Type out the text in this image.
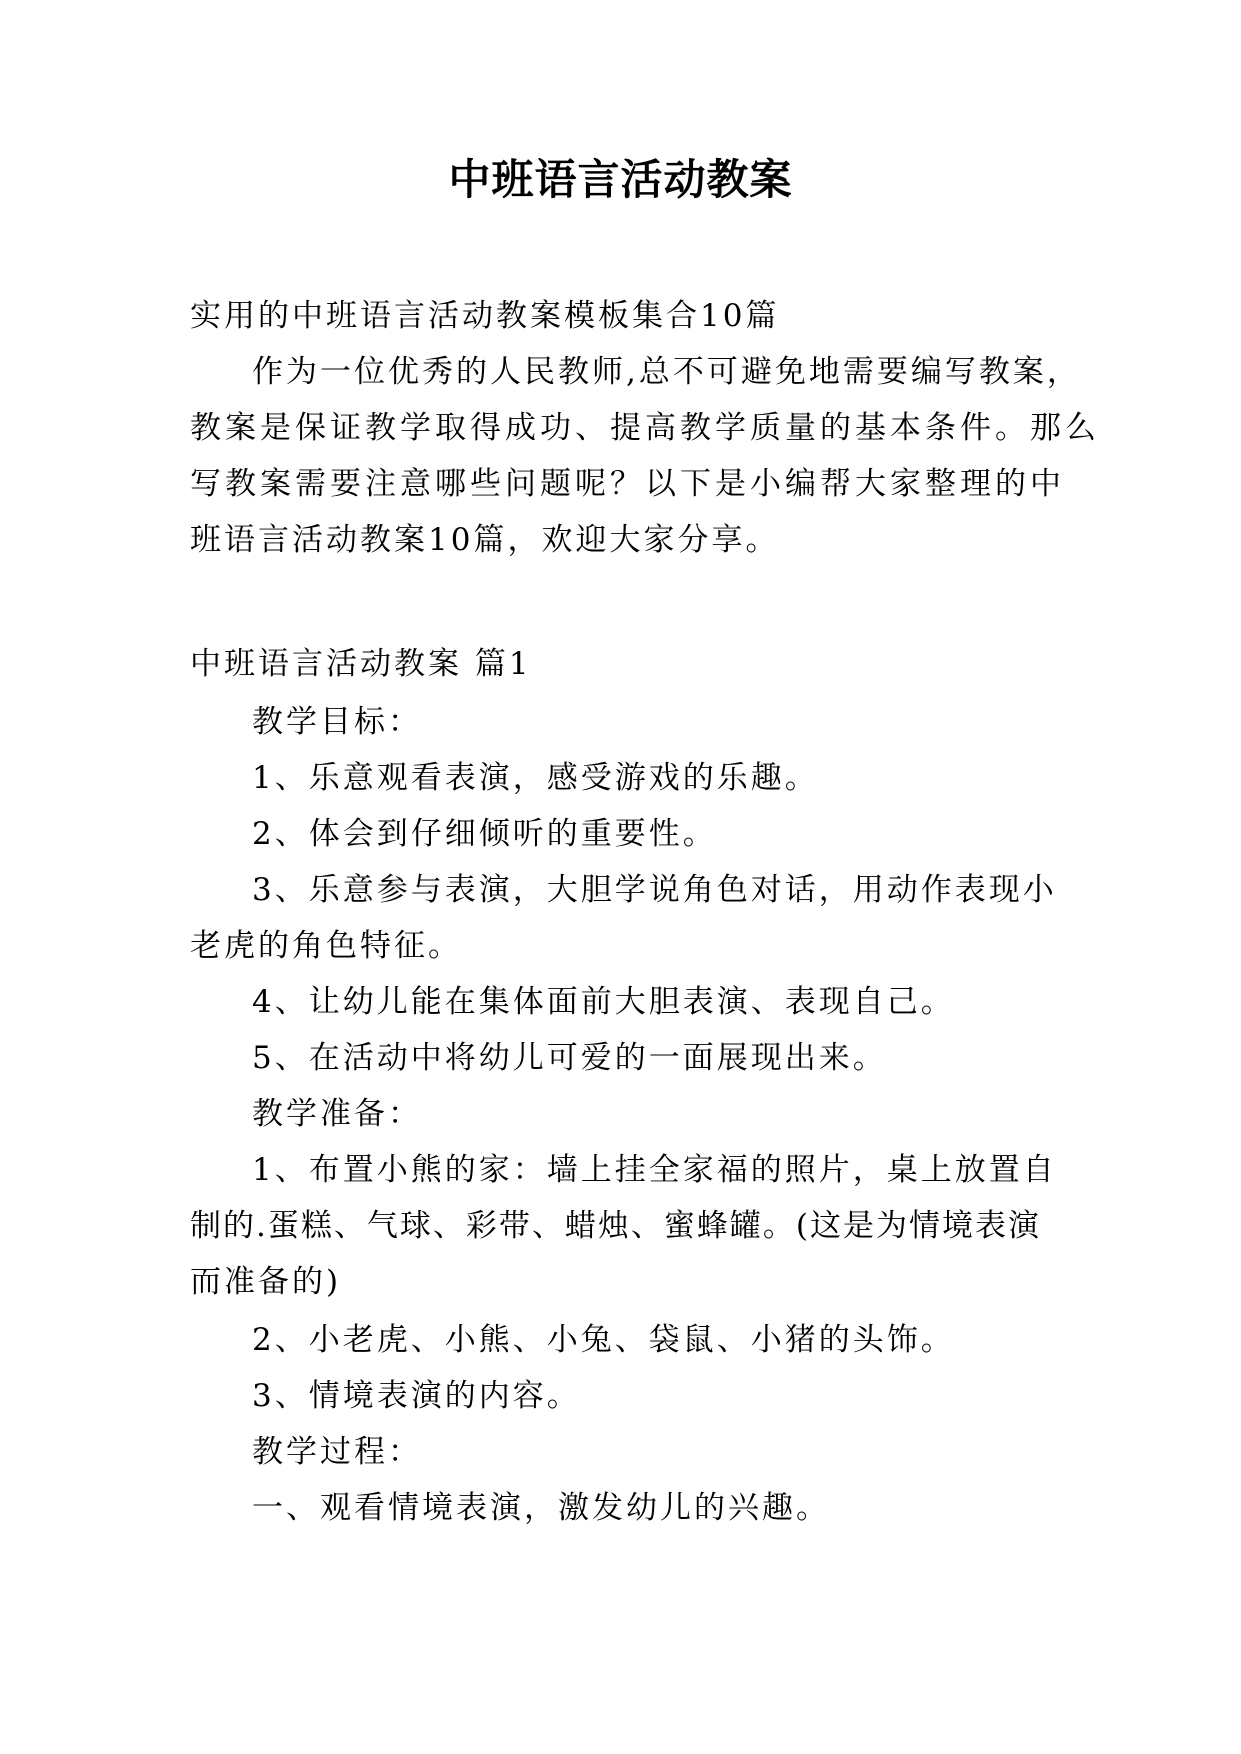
中班语言活动教案
实用的中班语言活动教案模板集合10篇
作为一位优秀的人民教师,总不可避免地需要编写教案，
教案是保证教学取得成功、提高教学质量的基本条件。那么
写教案需要注意哪些问题呢？以下是小编帮大家整理的中
班语言活动教案10篇，欢迎大家分享。
中班语言活动教案 篇1
教学目标：
1、乐意观看表演，感受游戏的乐趣。
2、体会到仔细倾听的重要性。
3、乐意参与表演，大胆学说角色对话，用动作表现小
老虎的角色特征。
4、让幼儿能在集体面前大胆表演、表现自己。
5、在活动中将幼儿可爱的一面展现出来。
教学准备：
1、布置小熊的家：墙上挂全家福的照片，桌上放置自
制的.蛋糕、气球、彩带、蜡烛、蜜蜂罐。(这是为情境表演
而准备的)
2、小老虎、小熊、小兔、袋鼠、小猪的头饰。
3、情境表演的内容。
教学过程：
一、观看情境表演，激发幼儿的兴趣。
